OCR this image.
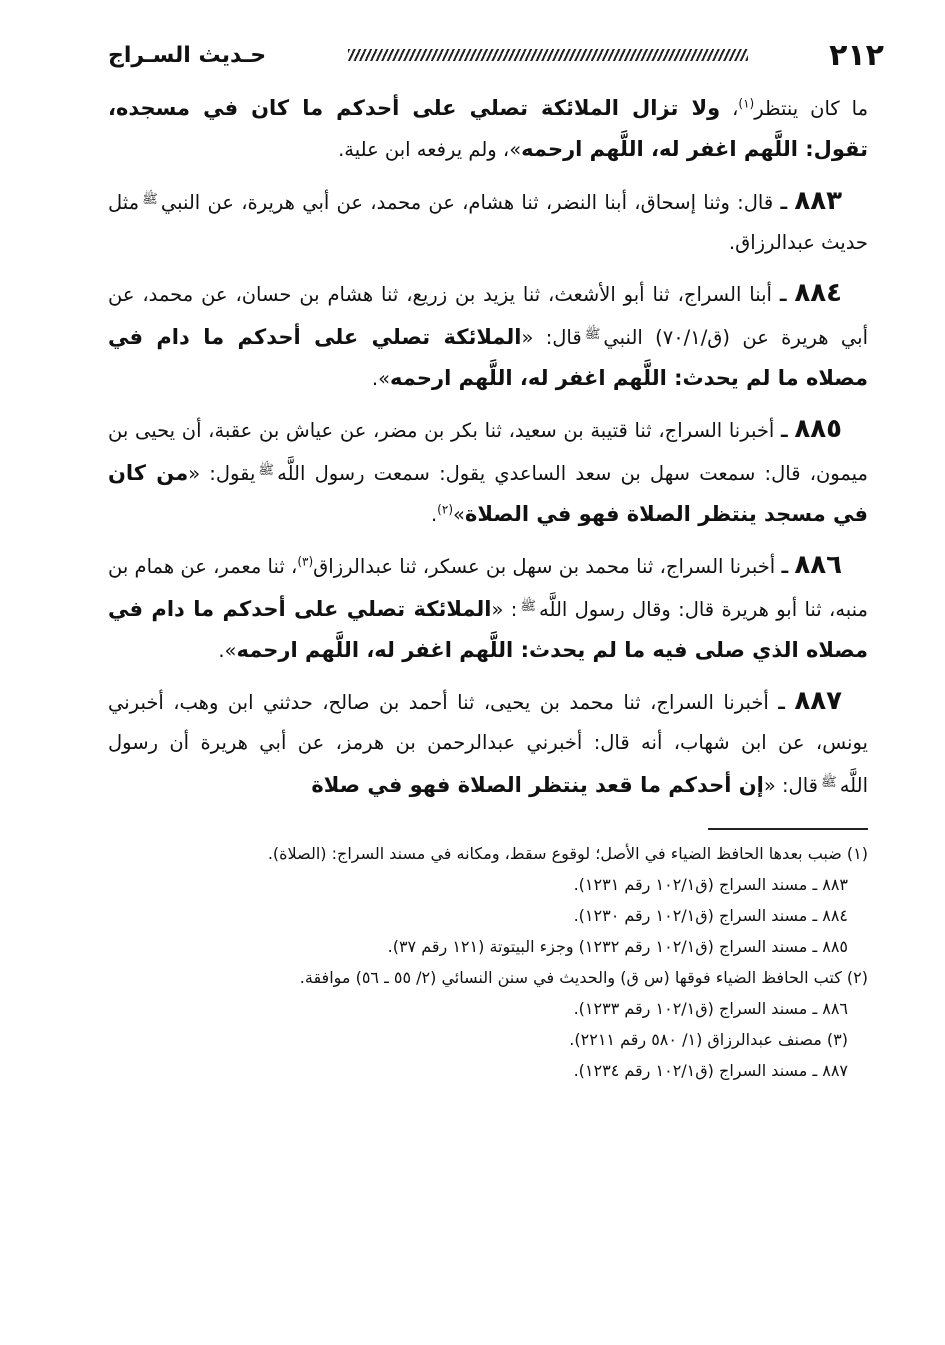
٢١٢
حـديث السـراج

ما كان ينتظر$^{(١)}$، ولا تزال الملائكة تصلي على أحدكم ما كان في مسجده، تقول: اللَّهم اغفر له، اللَّهم ارحمه»، ولم يرفعه ابن علية.

٨٨٣ ـ قال: وثنا إسحاق، أبنا النضر، ثنا هشام، عن محمد، عن أبي هريرة، عن النبي$^ﷺ$مثل حديث عبدالرزاق.

٨٨٤ ـ أبنا السراج، ثنا أبو الأشعث، ثنا يزيد بن زريع، ثنا هشام بن حسان، عن محمد، عن أبي هريرة عن (ق/٧٠/١) النبي$^ﷺ$قال: «الملائكة تصلي على أحدكم ما دام في مصلاه ما لم يحدث: اللَّهم اغفر له، اللَّهم ارحمه».

٨٨٥ ـ أخبرنا السراج، ثنا قتيبة بن سعيد، ثنا بكر بن مضر، عن عياش بن عقبة، أن يحيى بن ميمون، قال: سمعت سهل بن سعد الساعدي يقول: سمعت رسول اللَّه$^ﷺ$يقول: «من كان في مسجد ينتظر الصلاة فهو في الصلاة»$^{(٢)}$.

٨٨٦ ـ أخبرنا السراج، ثنا محمد بن سهل بن عسكر، ثنا عبدالرزاق$^{(٣)}$، ثنا معمر، عن همام بن منبه، ثنا أبو هريرة قال: وقال رسول اللَّه$^ﷺ$: «الملائكة تصلي على أحدكم ما دام في مصلاه الذي صلى فيه ما لم يحدث: اللَّهم اغفر له، اللَّهم ارحمه».

٨٨٧ ـ أخبرنا السراج، ثنا محمد بن يحيى، ثنا أحمد بن صالح، حدثني ابن وهب، أخبرني يونس، عن ابن شهاب، أنه قال: أخبرني عبدالرحمن بن هرمز، عن أبي هريرة أن رسول اللَّه$^ﷺ$قال: «إن أحدكم ما قعد ينتظر الصلاة فهو في صلاة

(١) ضبب بعدها الحافظ الضياء في الأصل؛ لوقوع سقط، ومكانه في مسند السراج: (الصلاة).

٨٨٣ ـ مسند السراج (ق١٠٢/١ رقم ١٢٣١).

٨٨٤ ـ مسند السراج (ق١٠٢/١ رقم ١٢٣٠).

٨٨٥ ـ مسند السراج (ق١٠٢/١ رقم ١٢٣٢) وجزء البيتوتة (١٢١ رقم ٣٧).

(٢) كتب الحافظ الضياء فوقها (س ق) والحديث في سنن النسائي (٢/ ٥٥ ـ ٥٦) موافقة.

٨٨٦ ـ مسند السراج (ق١٠٢/١ رقم ١٢٣٣).

(٣) مصنف عبدالرزاق (١/ ٥٨٠ رقم ٢٢١١).

٨٨٧ ـ مسند السراج (ق١٠٢/١ رقم ١٢٣٤).
